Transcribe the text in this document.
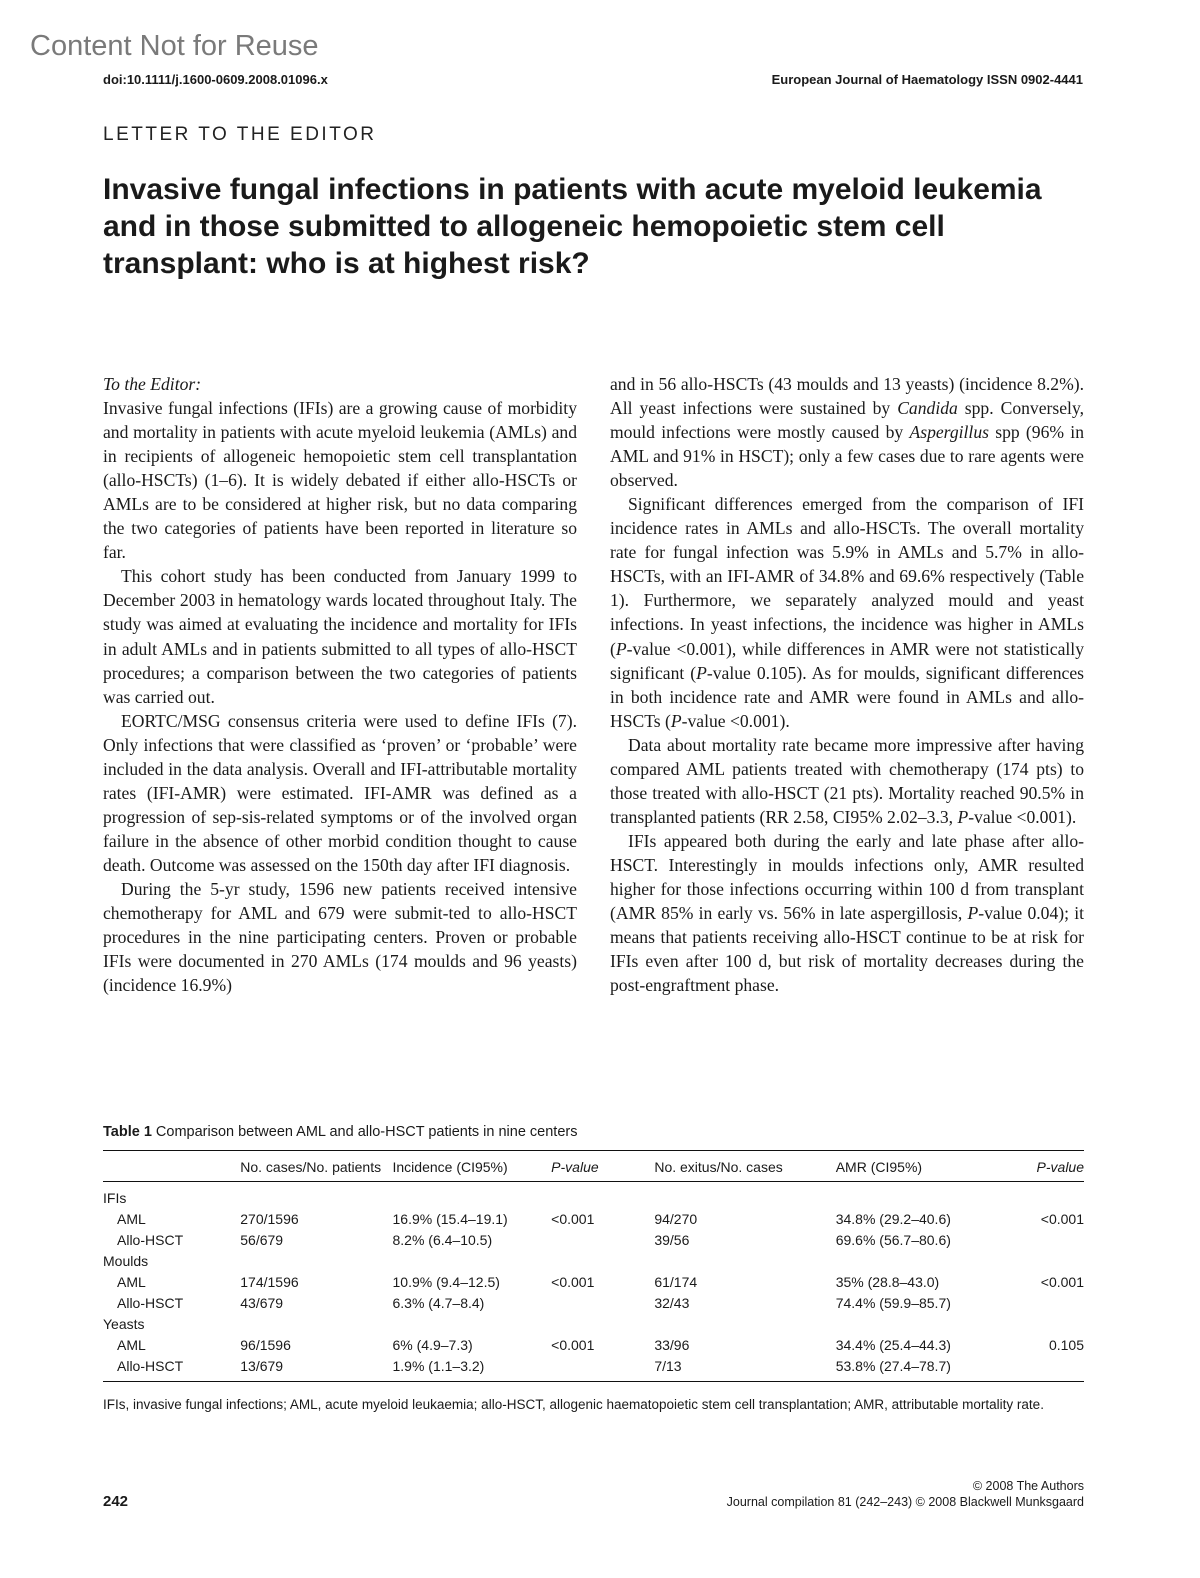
Content Not for Reuse
doi:10.1111/j.1600-0609.2008.01096.x	European Journal of Haematology ISSN 0902-4441
LETTER TO THE EDITOR
Invasive fungal infections in patients with acute myeloid leukemia and in those submitted to allogeneic hemopoietic stem cell transplant: who is at highest risk?

To the Editor:

Invasive fungal infections (IFIs) are a growing cause of morbidity and mortality in patients with acute myeloid leukemia (AMLs) and in recipients of allogeneic hemopoietic stem cell transplantation (allo-HSCTs) (1–6). It is widely debated if either allo-HSCTs or AMLs are to be considered at higher risk, but no data comparing the two categories of patients have been reported in literature so far.

This cohort study has been conducted from January 1999 to December 2003 in hematology wards located throughout Italy. The study was aimed at evaluating the incidence and mortality for IFIs in adult AMLs and in patients submitted to all types of allo-HSCT procedures; a comparison between the two categories of patients was carried out.

EORTC/MSG consensus criteria were used to define IFIs (7). Only infections that were classified as ‘proven’ or ‘probable’ were included in the data analysis. Overall and IFI-attributable mortality rates (IFI-AMR) were estimated. IFI-AMR was defined as a progression of sep-sis-related symptoms or of the involved organ failure in the absence of other morbid condition thought to cause death. Outcome was assessed on the 150th day after IFI diagnosis.

During the 5-yr study, 1596 new patients received intensive chemotherapy for AML and 679 were submit-ted to allo-HSCT procedures in the nine participating centers. Proven or probable IFIs were documented in 270 AMLs (174 moulds and 96 yeasts) (incidence 16.9%)

and in 56 allo-HSCTs (43 moulds and 13 yeasts) (incidence 8.2%). All yeast infections were sustained by Candida spp. Conversely, mould infections were mostly caused by Aspergillus spp (96% in AML and 91% in HSCT); only a few cases due to rare agents were observed.

Significant differences emerged from the comparison of IFI incidence rates in AMLs and allo-HSCTs. The overall mortality rate for fungal infection was 5.9% in AMLs and 5.7% in allo-HSCTs, with an IFI-AMR of 34.8% and 69.6% respectively (Table 1). Furthermore, we separately analyzed mould and yeast infections. In yeast infections, the incidence was higher in AMLs (P-value <0.001), while differences in AMR were not statistically significant (P-value 0.105). As for moulds, significant differences in both incidence rate and AMR were found in AMLs and allo-HSCTs (P-value <0.001).

Data about mortality rate became more impressive after having compared AML patients treated with chemotherapy (174 pts) to those treated with allo-HSCT (21 pts). Mortality reached 90.5% in transplanted patients (RR 2.58, CI95% 2.02–3.3, P-value <0.001).

IFIs appeared both during the early and late phase after allo-HSCT. Interestingly in moulds infections only, AMR resulted higher for those infections occurring within 100 d from transplant (AMR 85% in early vs. 56% in late aspergillosis, P-value 0.04); it means that patients receiving allo-HSCT continue to be at risk for IFIs even after 100 d, but risk of mortality decreases during the post-engraftment phase.

Table 1 Comparison between AML and allo-HSCT patients in nine centers
	No. cases/No. patients	Incidence (CI95%)	P-value	No. exitus/No. cases	AMR (CI95%)	P-value
IFIs						
AML	270/1596	16.9% (15.4–19.1)	<0.001	94/270	34.8% (29.2–40.6)	<0.001
Allo-HSCT	56/679	8.2% (6.4–10.5)		39/56	69.6% (56.7–80.6)	
Moulds						
AML	174/1596	10.9% (9.4–12.5)	<0.001	61/174	35% (28.8–43.0)	<0.001
Allo-HSCT	43/679	6.3% (4.7–8.4)		32/43	74.4% (59.9–85.7)	
Yeasts						
AML	96/1596	6% (4.9–7.3)	<0.001	33/96	34.4% (25.4–44.3)	0.105
Allo-HSCT	13/679	1.9% (1.1–3.2)		7/13	53.8% (27.4–78.7)	
IFIs, invasive fungal infections; AML, acute myeloid leukaemia; allo-HSCT, allogenic haematopoietic stem cell transplantation; AMR, attributable mortality rate.
242
© 2008 The Authors
Journal compilation 81 (242–243) © 2008 Blackwell Munksgaard
